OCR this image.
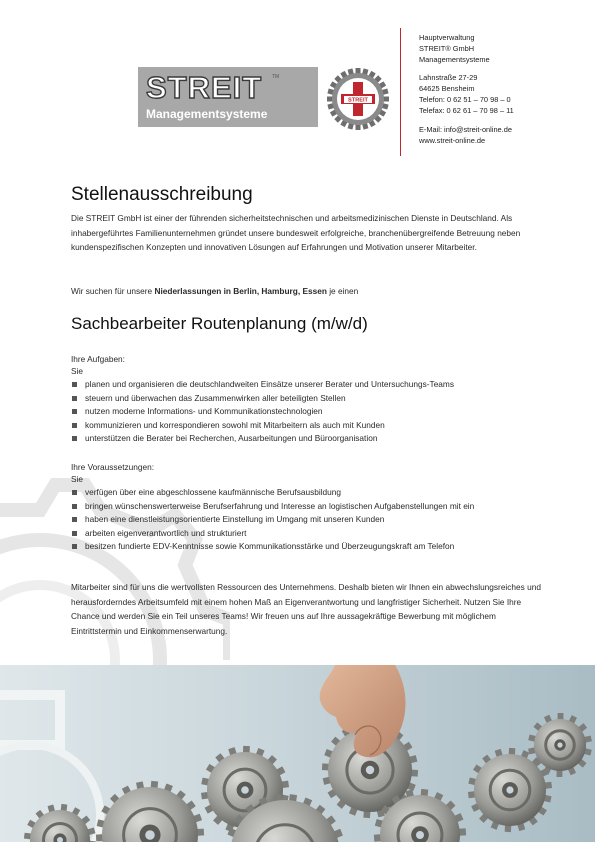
STREIT TM
Managementsysteme
STREIT
Hauptverwaltung
STREIT® GmbH
Managementsysteme
Lahnstraße 27-29
64625 Bensheim
Telefon: 0 62 51 – 70 98 – 0
Telefax: 0 62 61 – 70 98 – 11
E-Mail: info@streit-online.de
www.streit-online.de
Stellenausschreibung

Die STREIT GmbH ist einer der führenden sicherheitstechnischen und arbeitsmedizinischen Dienste in Deutschland. Als inhabergeführtes Familienunternehmen gründet unsere bundesweit erfolgreiche, branchenübergreifende Betreuung neben kundenspezifischen Konzepten und innovativen Lösungen auf Erfahrungen und Motivation unserer Mitarbeiter.

Wir suchen für unsere Niederlassungen in Berlin, Hamburg, Essen je einen

Sachbearbeiter Routenplanung (m/w/d)
Ihre Aufgaben:
Sie
planen und organisieren die deutschlandweiten Einsätze unserer Berater und Untersuchungs-Teams
steuern und überwachen das Zusammenwirken aller beteiligten Stellen
nutzen moderne Informations- und Kommunikationstechnologien
kommunizieren und korrespondieren sowohl mit Mitarbeitern als auch mit Kunden
unterstützen die Berater bei Recherchen, Ausarbeitungen und Büroorganisation
Ihre Voraussetzungen:
Sie
verfügen über eine abgeschlossene kaufmännische Berufsausbildung
bringen wünschenswerterweise Berufserfahrung und Interesse an logistischen Aufgabenstellungen mit ein
haben eine dienstleistungsorientierte Einstellung im Umgang mit unseren Kunden
arbeiten eigenverantwortlich und strukturiert
besitzen fundierte EDV-Kenntnisse sowie Kommunikationsstärke und Überzeugungskraft am Telefon

Mitarbeiter sind für uns die wertvollsten Ressourcen des Unternehmens. Deshalb bieten wir Ihnen ein abwechslungsreiches und herausforderndes Arbeitsumfeld mit einem hohen Maß an Eigenverantwortung und langfristiger Sicherheit. Nutzen Sie Ihre Chance und werden Sie ein Teil unseres Teams! Wir freuen uns auf Ihre aussagekräftige Bewerbung mit möglichem Eintrittstermin und Einkommenserwartung.
